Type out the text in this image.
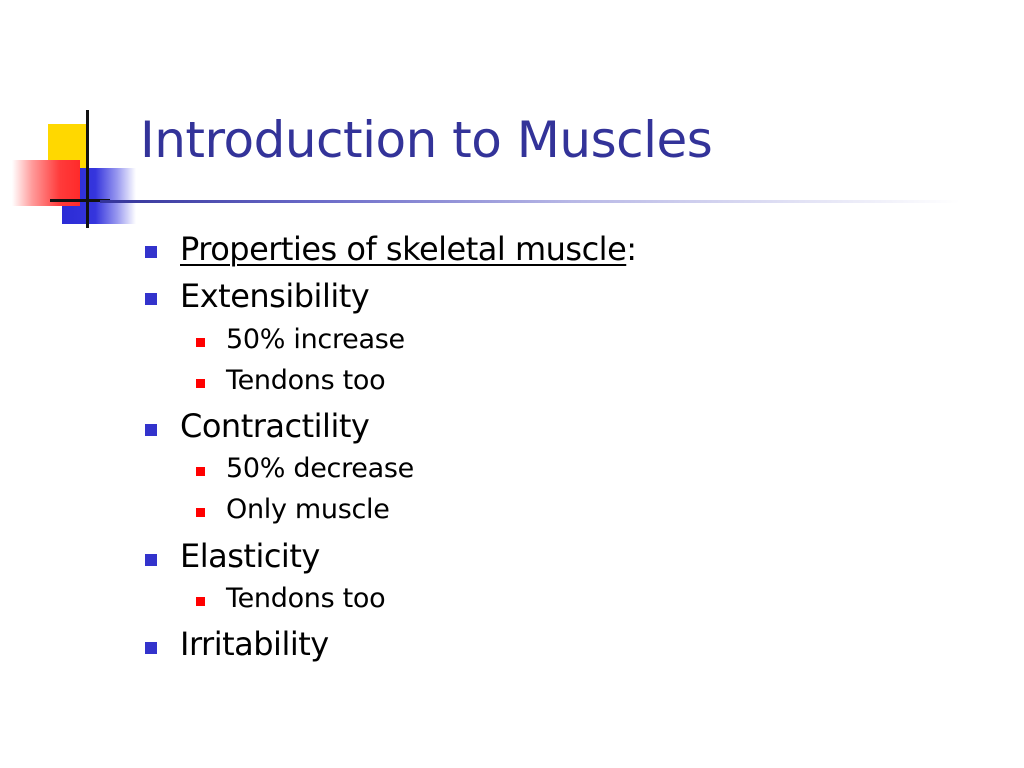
Introduction to Muscles
Properties of skeletal muscle:
Extensibility
50% increase
Tendons too
Contractility
50% decrease
Only muscle
Elasticity
Tendons too
Irritability
